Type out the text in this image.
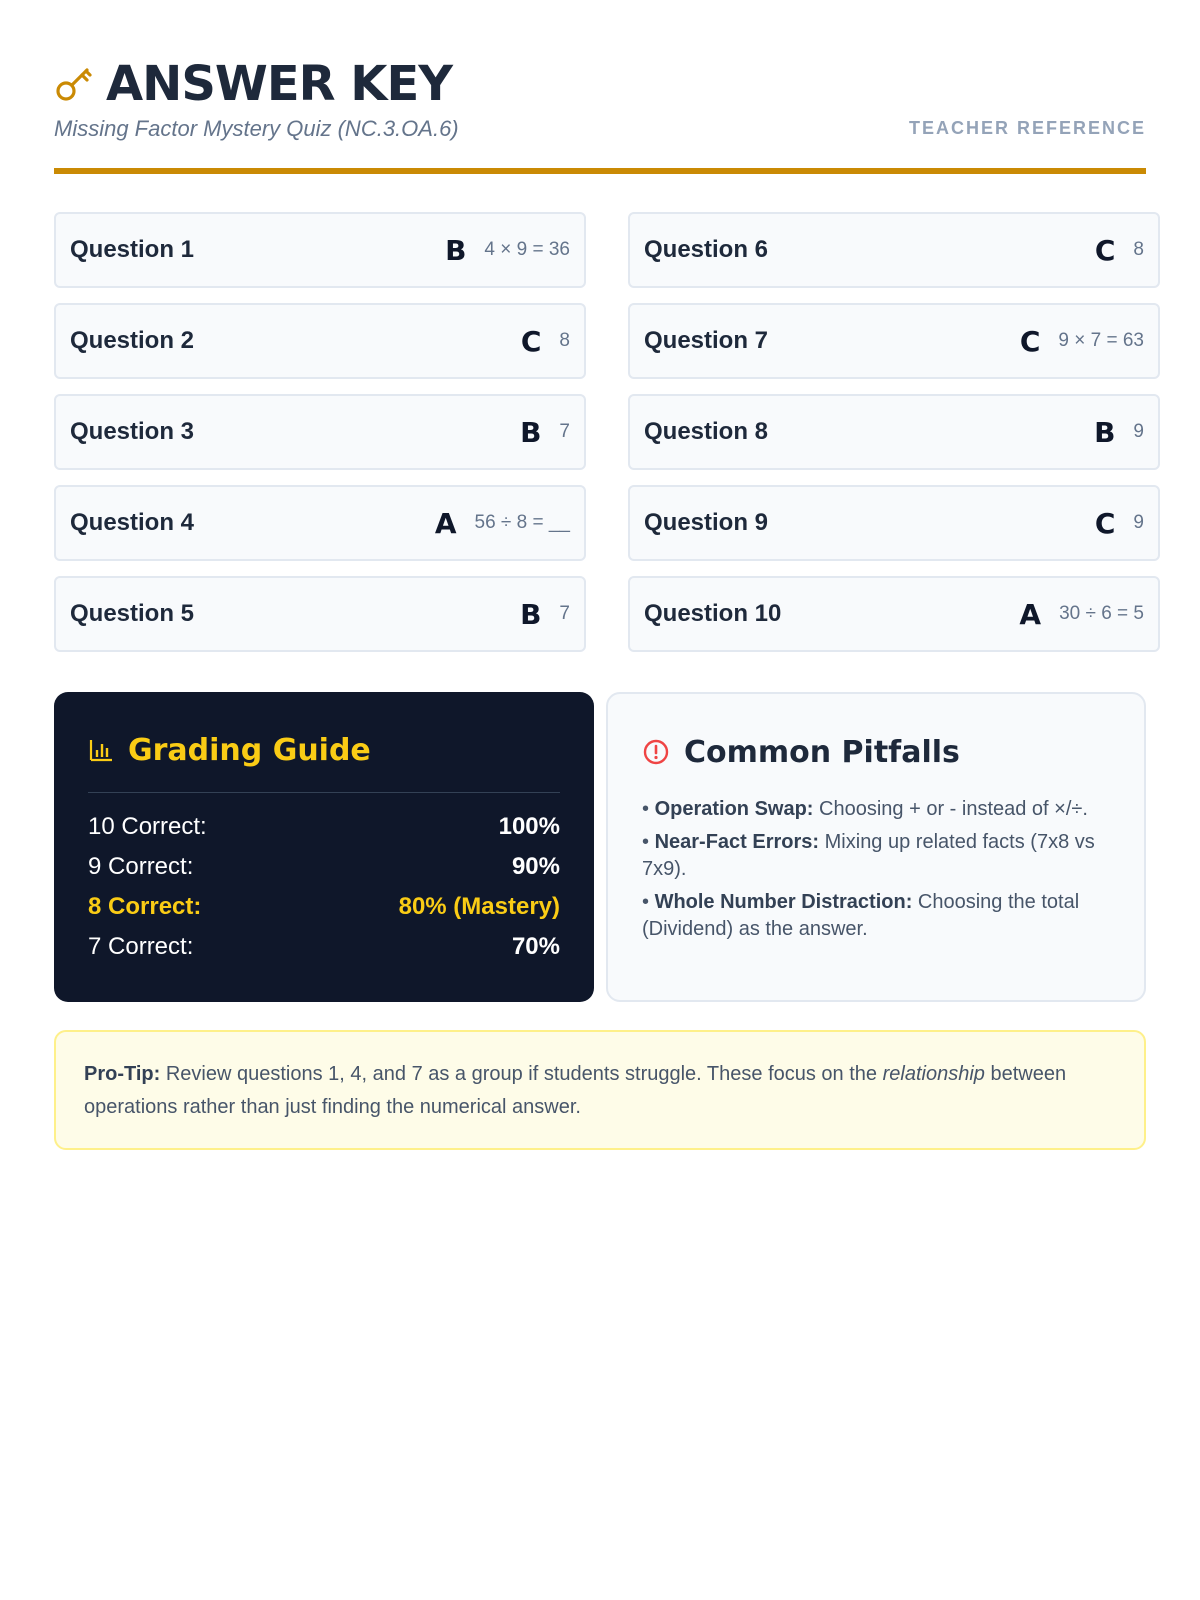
ANSWER KEY
Missing Factor Mystery Quiz (NC.3.OA.6)	TEACHER REFERENCE
Question 1	B 4 × 9 = 36	Question 6	C 8
Question 2	C 8	Question 7	C 9 × 7 = 63
Question 3	B 7	Question 8	B 9
Question 4	A 56 ÷ 8 = __	Question 9	C 9
Question 5	B 7	Question 10	A 30 ÷ 6 = 5
Grading Guide
10 Correct:	100%
9 Correct:	90%
8 Correct:	80% (Mastery)
7 Correct:	70%
Common Pitfalls
• Operation Swap: Choosing + or - instead of ×/÷.
• Near-Fact Errors: Mixing up related facts (7x8 vs 7x9).
• Whole Number Distraction: Choosing the total (Dividend) as the answer.
Pro-Tip: Review questions 1, 4, and 7 as a group if students struggle. These focus on the relationship between operations rather than just finding the numerical answer.
